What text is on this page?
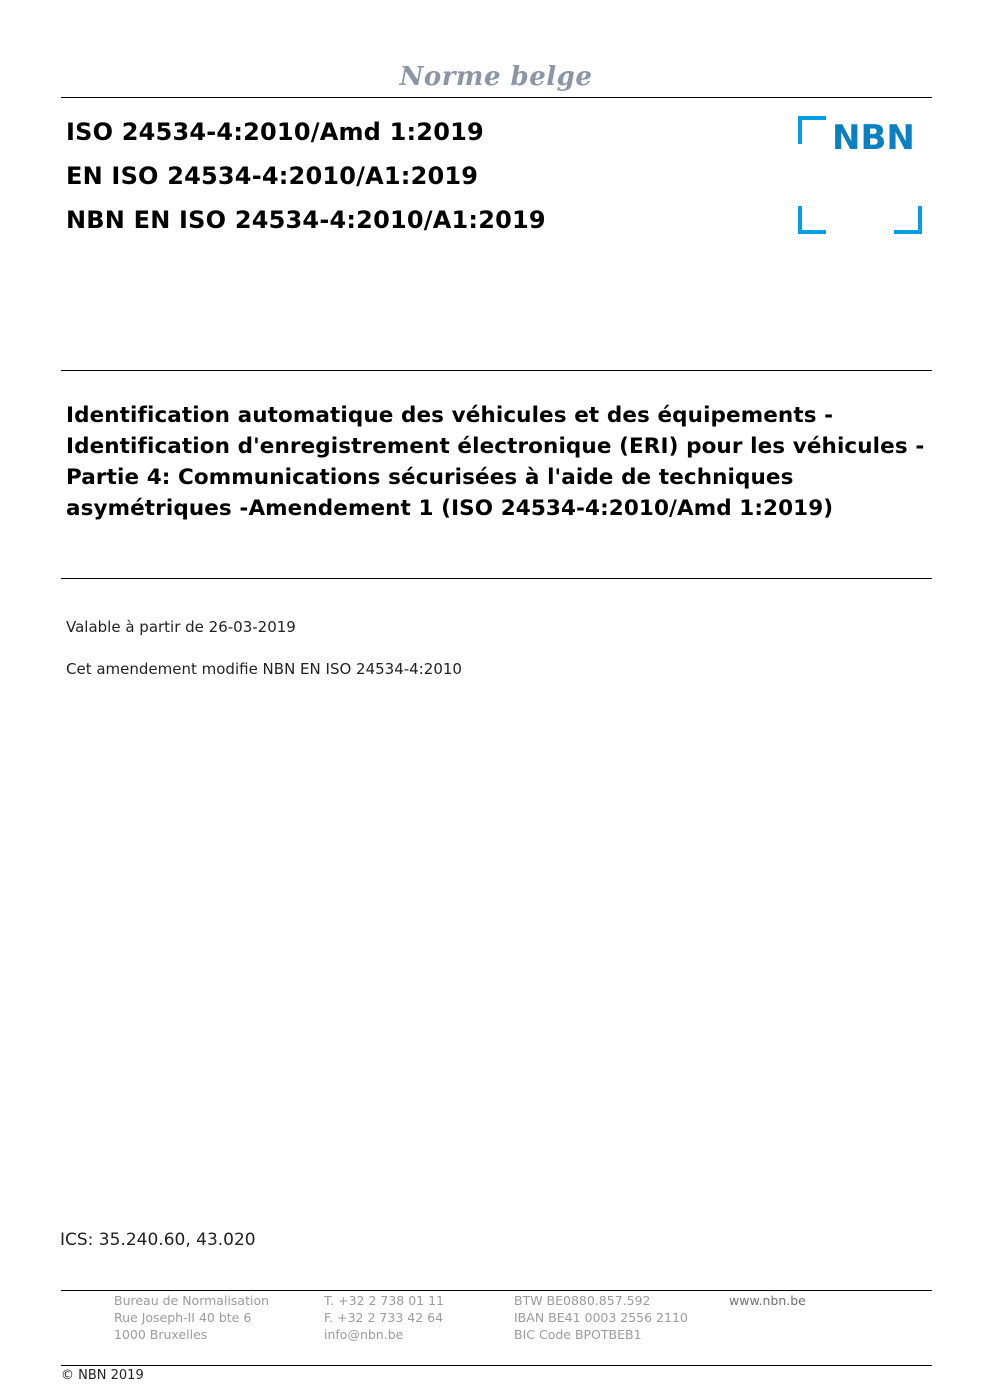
Norme belge
ISO 24534-4:2010/Amd 1:2019
EN ISO 24534-4:2010/A1:2019
NBN EN ISO 24534-4:2010/A1:2019
NBN
Identification automatique des véhicules et des équipements - Identification d'enregistrement électronique (ERI) pour les véhicules - Partie 4: Communications sécurisées à l'aide de techniques asymétriques -Amendement 1 (ISO 24534-4:2010/Amd 1:2019)
Valable à partir de 26-03-2019
Cet amendement modifie NBN EN ISO 24534-4:2010
ICS: 35.240.60, 43.020
Bureau de Normalisation
Rue Joseph-II 40 bte 6
1000 Bruxelles
T. +32 2 738 01 11
F. +32 2 733 42 64
info@nbn.be
BTW BE0880.857.592
IBAN BE41 0003 2556 2110
BIC Code BPOTBEB1
www.nbn.be
© NBN 2019
